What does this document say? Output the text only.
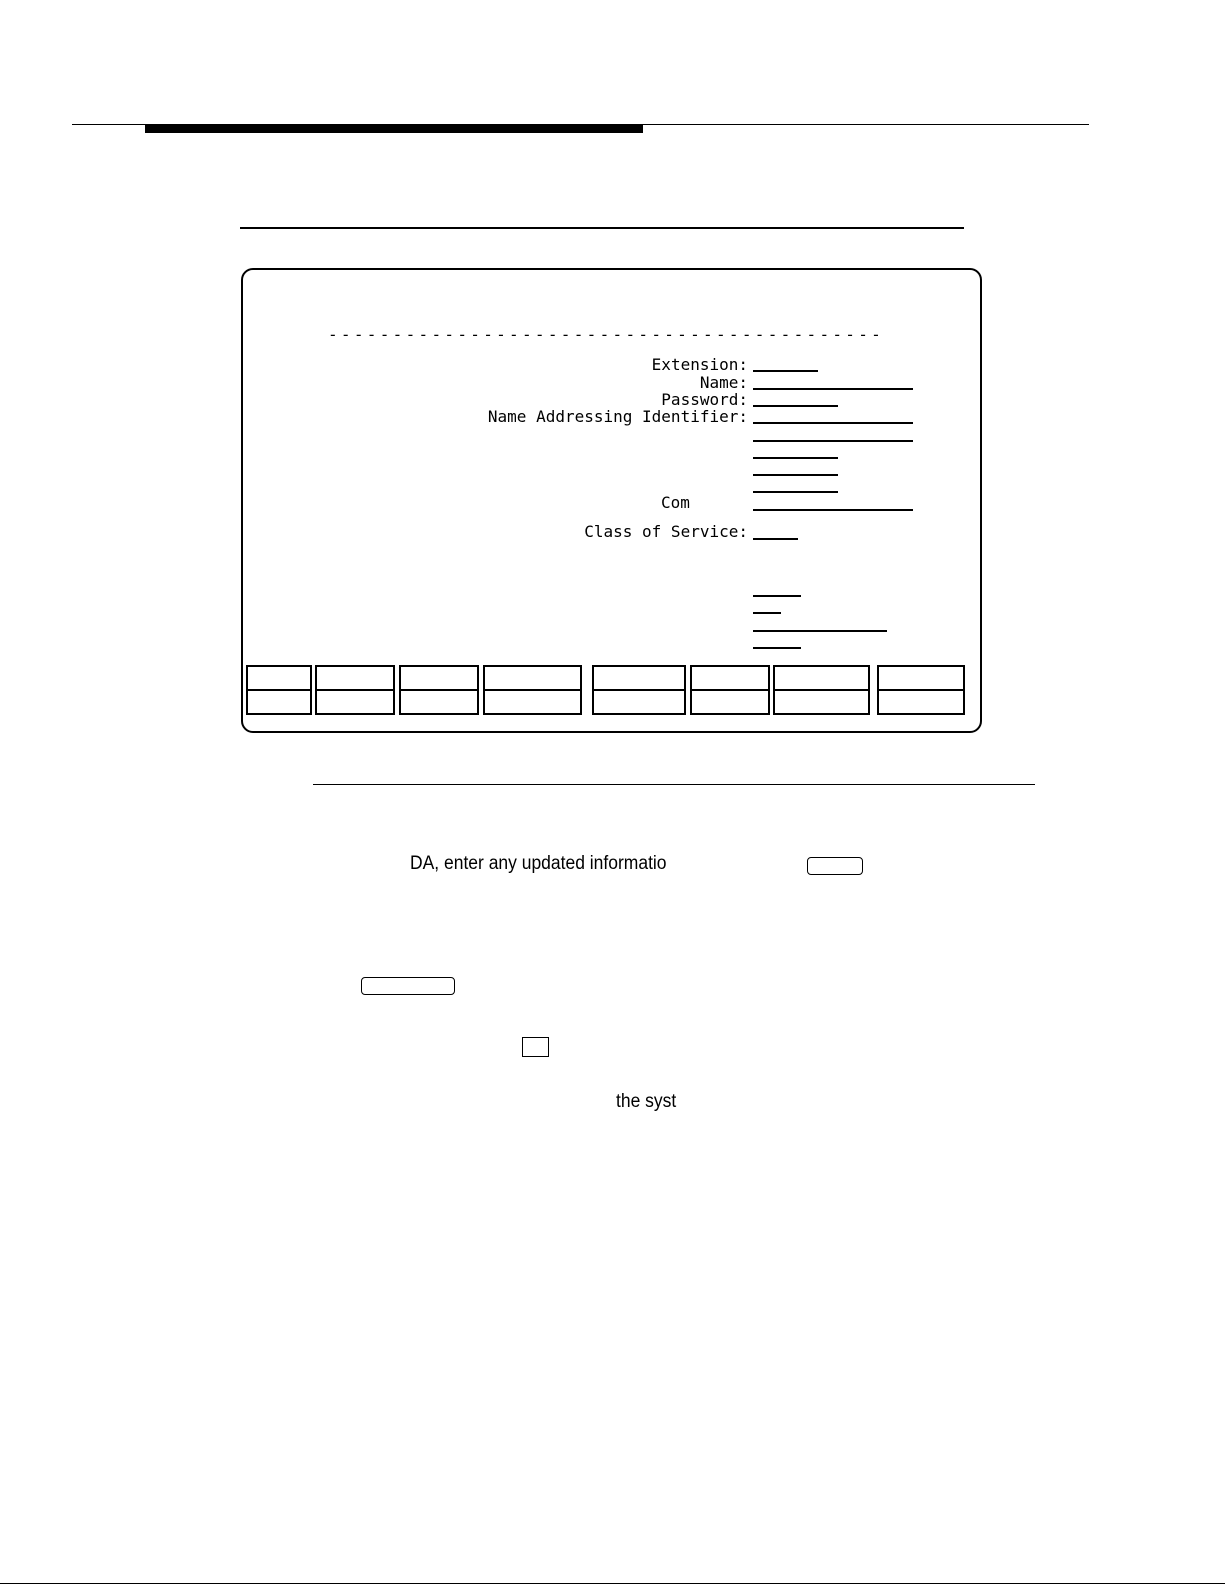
-------------------------------------------
Extension:
Name:
Password:
Name Addressing Identifier:
Com
Class of Service:
DA, enter any updated informatio
the syst
